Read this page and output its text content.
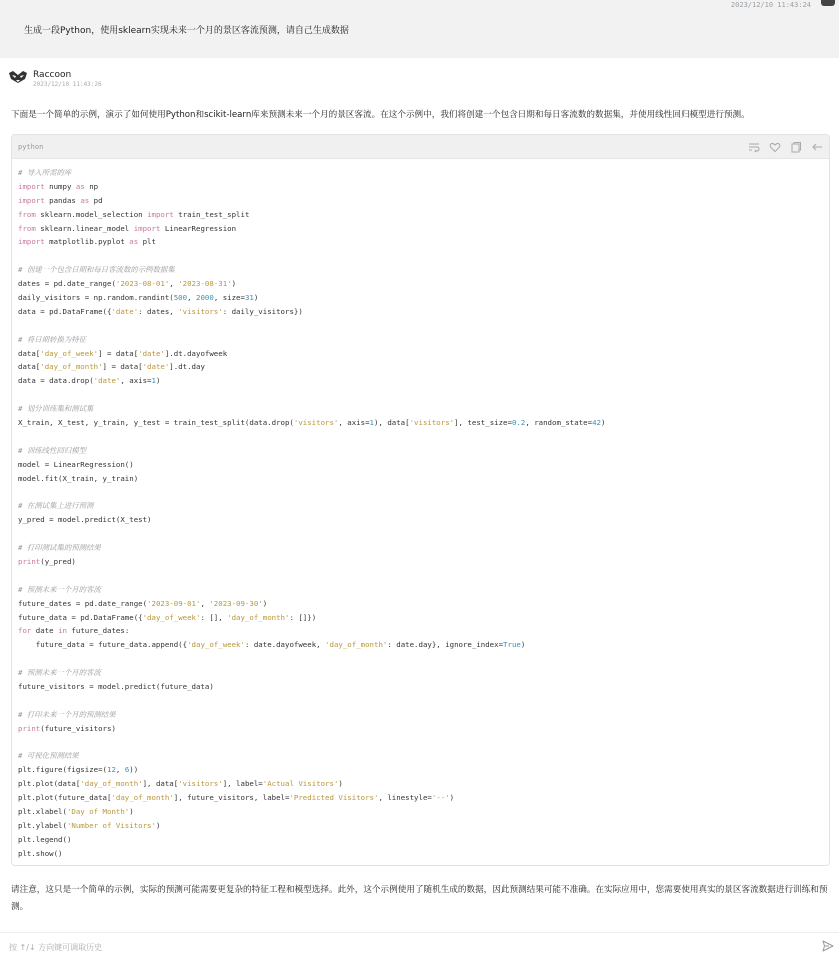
2023/12/10 11:43:24
生成一段Python，使用sklearn实现未来一个月的景区客流预测，请自己生成数据
Raccoon
2023/12/10 11:43:26
下面是一个简单的示例，演示了如何使用Python和scikit-learn库来预测未来一个月的景区客流。在这个示例中，我们将创建一个包含日期和每日客流数的数据集，并使用线性回归模型进行预测。
python
# 导入所需的库
import numpy as np
import pandas as pd
from sklearn.model_selection import train_test_split
from sklearn.linear_model import LinearRegression
import matplotlib.pyplot as plt

# 创建一个包含日期和每日客流数的示例数据集
dates = pd.date_range('2023-08-01', '2023-08-31')
daily_visitors = np.random.randint(500, 2000, size=31)
data = pd.DataFrame({'date': dates, 'visitors': daily_visitors})

# 将日期转换为特征
data['day_of_week'] = data['date'].dt.dayofweek
data['day_of_month'] = data['date'].dt.day
data = data.drop('date', axis=1)

# 划分训练集和测试集
X_train, X_test, y_train, y_test = train_test_split(data.drop('visitors', axis=1), data['visitors'], test_size=0.2, random_state=42)

# 训练线性回归模型
model = LinearRegression()
model.fit(X_train, y_train)

# 在测试集上进行预测
y_pred = model.predict(X_test)

# 打印测试集的预测结果
print(y_pred)

# 预测未来一个月的客流
future_dates = pd.date_range('2023-09-01', '2023-09-30')
future_data = pd.DataFrame({'day_of_week': [], 'day_of_month': []})
for date in future_dates:
future_data = future_data.append({'day_of_week': date.dayofweek, 'day_of_month': date.day}, ignore_index=True)

# 预测未来一个月的客流
future_visitors = model.predict(future_data)

# 打印未来一个月的预测结果
print(future_visitors)

# 可视化预测结果
plt.figure(figsize=(12, 6))
plt.plot(data['day_of_month'], data['visitors'], label='Actual Visitors')
plt.plot(future_data['day_of_month'], future_visitors, label='Predicted Visitors', linestyle='--')
plt.xlabel('Day of Month')
plt.ylabel('Number of Visitors')
plt.legend()
plt.show()
请注意，这只是一个简单的示例，实际的预测可能需要更复杂的特征工程和模型选择。此外，这个示例使用了随机生成的数据，因此预测结果可能不准确。在实际应用中，您需要使用真实的景区客流数据进行训练和预测。
按 ↑/↓ 方向键可调取历史
